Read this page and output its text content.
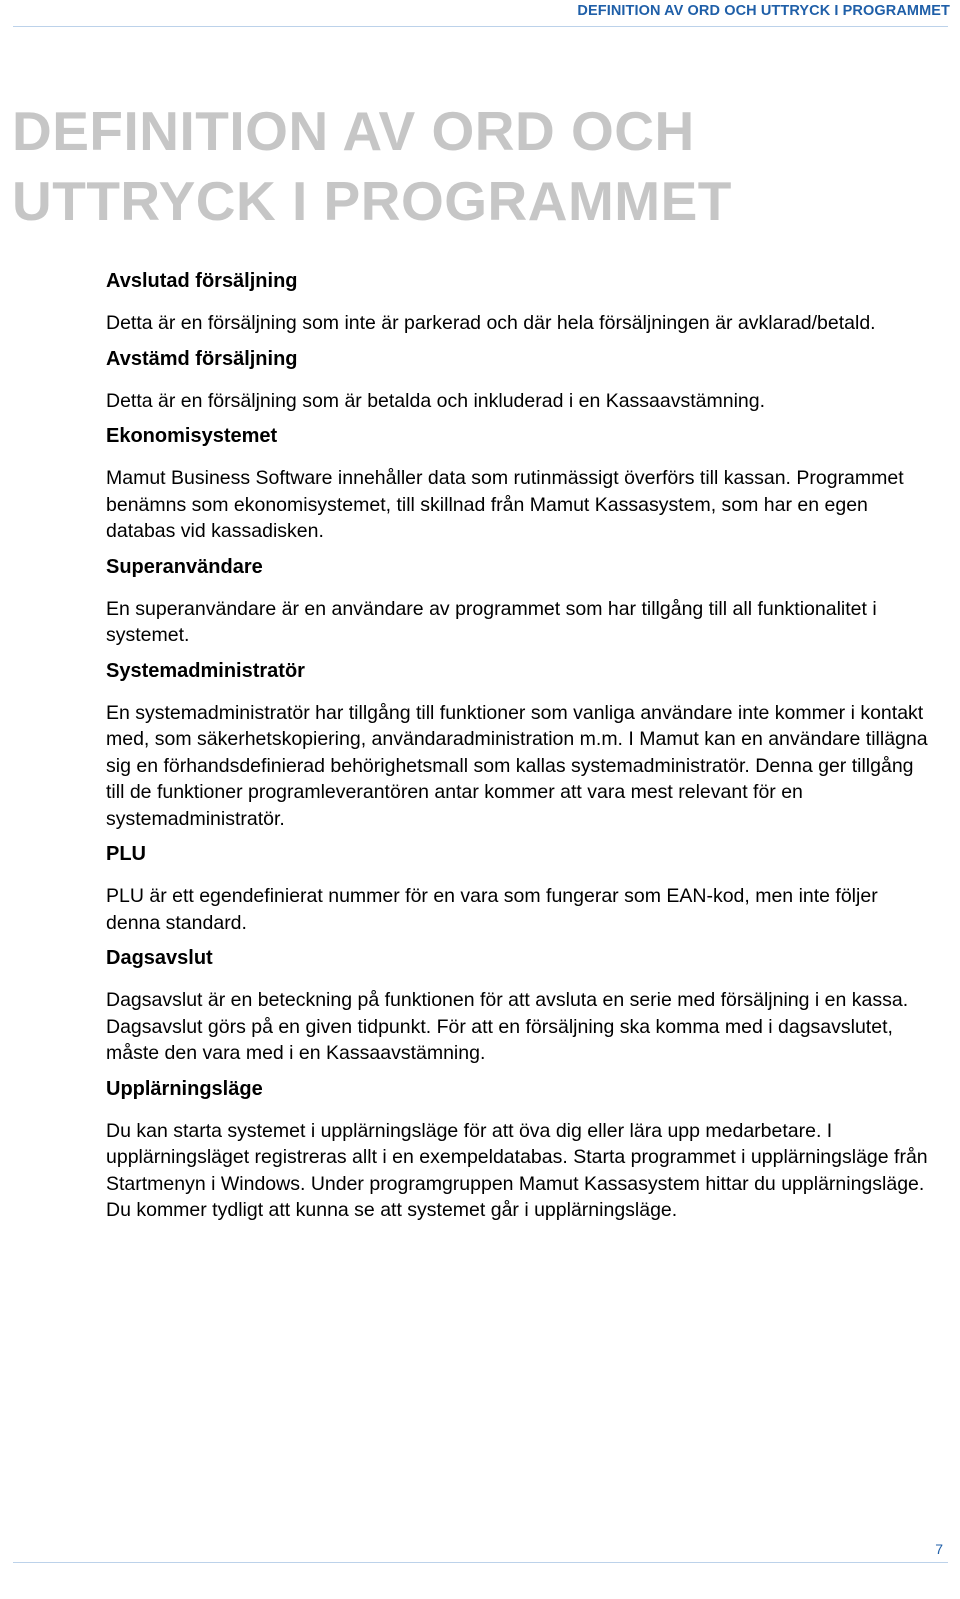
DEFINITION AV ORD OCH UTTRYCK I PROGRAMMET
DEFINITION AV ORD OCH UTTRYCK I PROGRAMMET

Avslutad försäljning

Detta är en försäljning som inte är parkerad och där hela försäljningen är avklarad/betald.

Avstämd försäljning

Detta är en försäljning som är betalda och inkluderad i en Kassaavstämning.

Ekonomisystemet

Mamut Business Software innehåller data som rutinmässigt överförs till kassan. Programmet benämns som ekonomisystemet, till skillnad från Mamut Kassasystem, som har en egen databas vid kassadisken.

Superanvändare

En superanvändare är en användare av programmet som har tillgång till all funktionalitet i systemet.

Systemadministratör

En systemadministratör har tillgång till funktioner som vanliga användare inte kommer i kontakt med, som säkerhetskopiering, användaradministration m.m. I Mamut kan en användare tillägna sig en förhandsdefinierad behörighetsmall som kallas systemadministratör. Denna ger tillgång till de funktioner programleverantören antar kommer att vara mest relevant för en systemadministratör.

PLU

PLU är ett egendefinierat nummer för en vara som fungerar som EAN-kod, men inte följer denna standard.

Dagsavslut

Dagsavslut är en beteckning på funktionen för att avsluta en serie med försäljning i en kassa. Dagsavslut görs på en given tidpunkt. För att en försäljning ska komma med i dagsavslutet, måste den vara med i en Kassaavstämning.

Upplärningsläge

Du kan starta systemet i upplärningsläge för att öva dig eller lära upp medarbetare. I upplärningsläget registreras allt i en exempeldatabas. Starta programmet i upplärningsläge från Startmenyn i Windows. Under programgruppen Mamut Kassasystem hittar du upplärningsläge. Du kommer tydligt att kunna se att systemet går i upplärningsläge.

7
